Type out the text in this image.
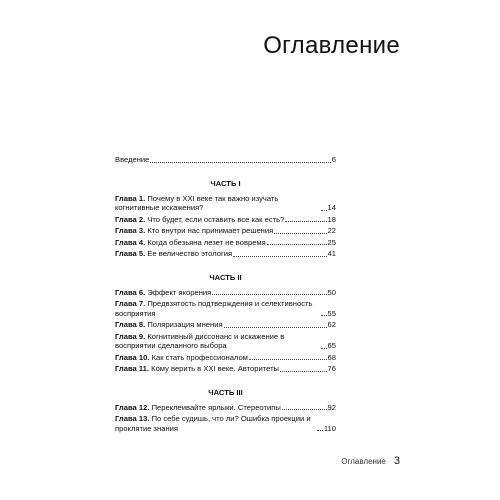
Оглавление
Введение	6
ЧАСТЬ I
Глава 1. Почему в XXI веке так важно изучать когнитивные искажения?	14
Глава 2. Что будет, если оставить все как есть?	18
Глава 3. Кто внутри нас принимает решения	22
Глава 4. Когда обезьяна лезет не вовремя	25
Глава 5. Ее величество этология	41
ЧАСТЬ II
Глава 6. Эффект якорения	50
Глава 7. Предвзятость подтверждения и селективность восприятия	55
Глава 8. Поляризация мнения	62
Глава 9. Когнитивный диссонанс и искажение в восприятии сделанного выбора	65
Глава 10. Как стать профессионалом	68
Глава 11. Кому верить в XXI веке. Авторитеты	76
ЧАСТЬ III
Глава 12. Переклеивайте ярлыки. Стереотипы	92
Глава 13. По себе судишь, что ли? Ошибка проекции и проклятие знания	110
Оглавление 3
